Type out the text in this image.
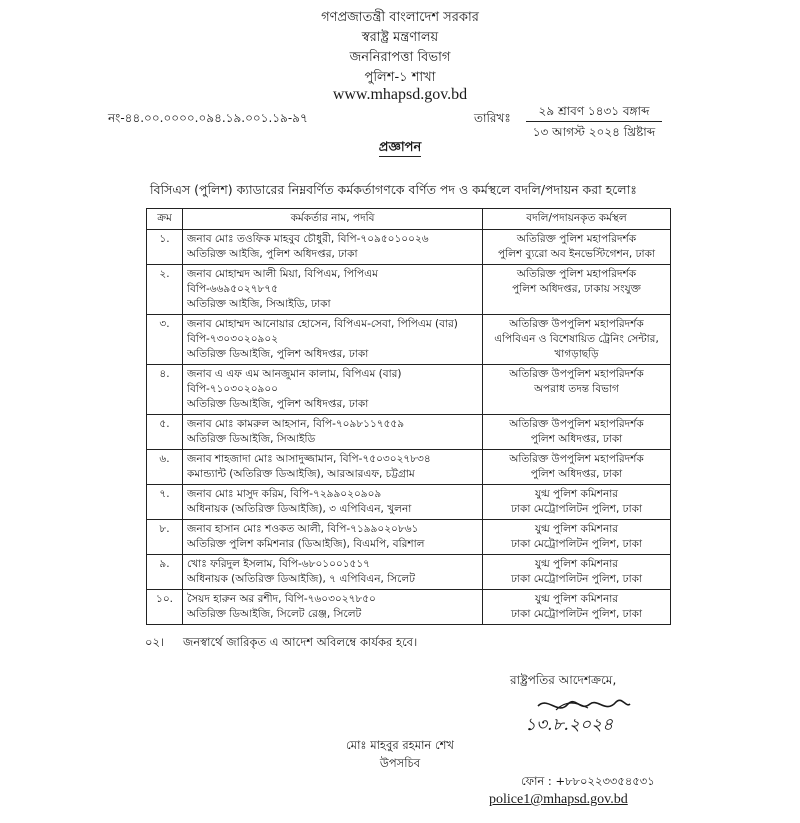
গণপ্রজাতন্ত্রী বাংলাদেশ সরকার
স্বরাষ্ট্র মন্ত্রণালয়
জননিরাপত্তা বিভাগ
পুলিশ-১ শাখা
www.mhapsd.gov.bd
নং-৪৪.০০.০০০০.০৯৪.১৯.০০১.১৯-৯৭	তারিখঃ	২৯ শ্রাবণ ১৪৩১ বঙ্গাব্দ
১৩ আগস্ট ২০২৪ খ্রিষ্টাব্দ
প্রজ্ঞাপন
বিসিএস (পুলিশ) ক্যাডারের নিম্নবর্ণিত কর্মকর্তাগণকে বর্ণিত পদ ও কর্মস্থলে বদলি/পদায়ন করা হলোঃ
ক্রম	কর্মকর্তার নাম, পদবি	বদলি/পদায়নকৃত কর্মস্থল
১.	জনাব মোঃ তওফিক মাহবুব চৌধুরী, বিপি-৭০৯৫০১০০২৬
অতিরিক্ত আইজি, পুলিশ অধিদপ্তর, ঢাকা	অতিরিক্ত পুলিশ মহাপরিদর্শক
পুলিশ ব্যুরো অব ইনভেস্টিগেশন, ঢাকা

২.	জনাব মোহাম্মদ আলী মিয়া, বিপিএম, পিপিএম
বিপি-৬৬৯৫০২৭৮৭৫
অতিরিক্ত আইজি, সিআইডি, ঢাকা	অতিরিক্ত পুলিশ মহাপরিদর্শক
পুলিশ অধিদপ্তর, ঢাকায় সংযুক্ত

৩.	জনাব মোহাম্মদ আনোয়ার হোসেন, বিপিএম-সেবা, পিপিএম (বার)
বিপি-৭৩০৩০২০৯০২
অতিরিক্ত ডিআইজি, পুলিশ অধিদপ্তর, ঢাকা	অতিরিক্ত উপপুলিশ মহাপরিদর্শক
এপিবিএন ও বিশেষায়িত ট্রেনিং সেন্টার,
খাগড়াছড়ি

৪.	জনাব এ এফ এম আনজুমান কালাম, বিপিএম (বার)
বিপি-৭১০৩০২০৯০০
অতিরিক্ত ডিআইজি, পুলিশ অধিদপ্তর, ঢাকা	অতিরিক্ত উপপুলিশ মহাপরিদর্শক
অপরাধ তদন্ত বিভাগ

৫.	জনাব মোঃ কামরুল আহসান, বিপি-৭০৯৮১১৭৫৫৯
অতিরিক্ত ডিআইজি, সিআইডি	অতিরিক্ত উপপুলিশ মহাপরিদর্শক
পুলিশ অধিদপ্তর, ঢাকা

৬.	জনাব শাহজাদা মোঃ আসাদুজ্জামান, বিপি-৭৫০৩০২৭৮৩৪
কমান্ড্যান্ট (অতিরিক্ত ডিআইজি), আরআরএফ, চট্টগ্রাম	অতিরিক্ত উপপুলিশ মহাপরিদর্শক
পুলিশ অধিদপ্তর, ঢাকা

৭.	জনাব মোঃ মাসুদ করিম, বিপি-৭২৯৯০২০৯০৯
অধিনায়ক (অতিরিক্ত ডিআইজি), ৩ এপিবিএন, খুলনা	যুগ্ম পুলিশ কমিশনার
ঢাকা মেট্রোপলিটন পুলিশ, ঢাকা

৮.	জনাব হাসান মোঃ শওকত আলী, বিপি-৭১৯৯০২০৮৬১
অতিরিক্ত পুলিশ কমিশনার (ডিআইজি), বিএমপি, বরিশাল	যুগ্ম পুলিশ কমিশনার
ঢাকা মেট্রোপলিটন পুলিশ, ঢাকা

৯.	খোঃ ফরিদুল ইসলাম, বিপি-৬৮০১০০১৫১৭
অধিনায়ক (অতিরিক্ত ডিআইজি), ৭ এপিবিএন, সিলেট	যুগ্ম পুলিশ কমিশনার
ঢাকা মেট্রোপলিটন পুলিশ, ঢাকা

১০.	সৈয়দ হারুন অর রশীদ, বিপি-৭৬০৩০২৭৮৫০
অতিরিক্ত ডিআইজি, সিলেট রেঞ্জ, সিলেট	যুগ্ম পুলিশ কমিশনার
ঢাকা মেট্রোপলিটন পুলিশ, ঢাকা
০২। জনস্বার্থে জারিকৃত এ আদেশ অবিলম্বে কার্যকর হবে।
রাষ্ট্রপতির আদেশক্রমে,
১৩.৮.২০২৪
মোঃ মাহবুর রহমান শেখ
উপসচিব
ফোন : +৮৮০২২৩৩৫৪৫৩১
police1@mhapsd.gov.bd
